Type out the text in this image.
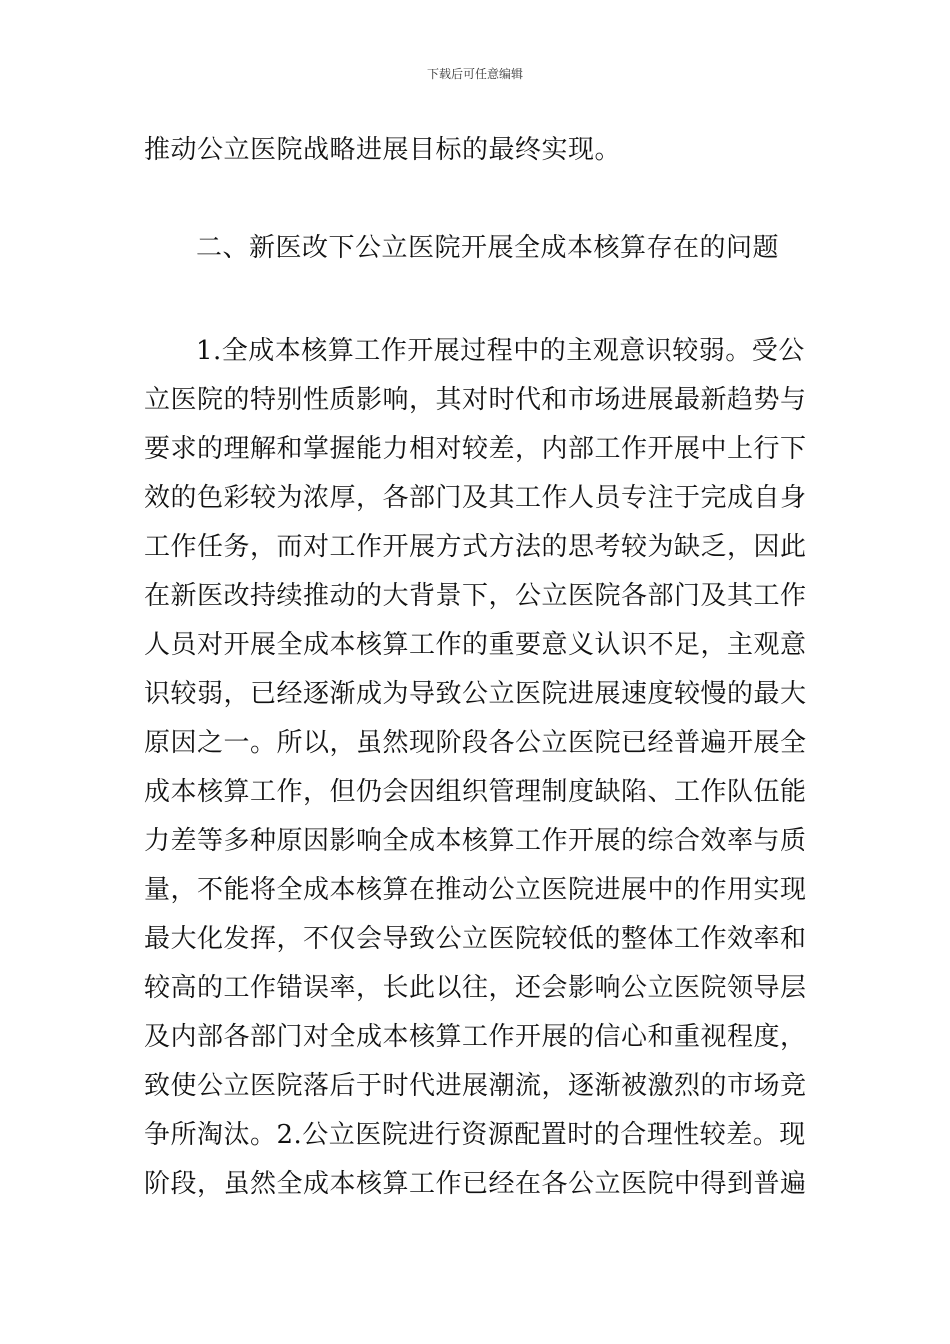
下载后可任意编辑
推动公立医院战略进展目标的最终实现。
二、新医改下公立医院开展全成本核算存在的问题
1.全成本核算工作开展过程中的主观意识较弱。受公
立医院的特别性质影响，其对时代和市场进展最新趋势与
要求的理解和掌握能力相对较差，内部工作开展中上行下
效的色彩较为浓厚，各部门及其工作人员专注于完成自身
工作任务，而对工作开展方式方法的思考较为缺乏，因此
在新医改持续推动的大背景下，公立医院各部门及其工作
人员对开展全成本核算工作的重要意义认识不足，主观意
识较弱，已经逐渐成为导致公立医院进展速度较慢的最大
原因之一。所以，虽然现阶段各公立医院已经普遍开展全
成本核算工作，但仍会因组织管理制度缺陷、工作队伍能
力差等多种原因影响全成本核算工作开展的综合效率与质
量，不能将全成本核算在推动公立医院进展中的作用实现
最大化发挥，不仅会导致公立医院较低的整体工作效率和
较高的工作错误率，长此以往，还会影响公立医院领导层
及内部各部门对全成本核算工作开展的信心和重视程度，
致使公立医院落后于时代进展潮流，逐渐被激烈的市场竞
争所淘汰。2.公立医院进行资源配置时的合理性较差。现
阶段，虽然全成本核算工作已经在各公立医院中得到普遍
